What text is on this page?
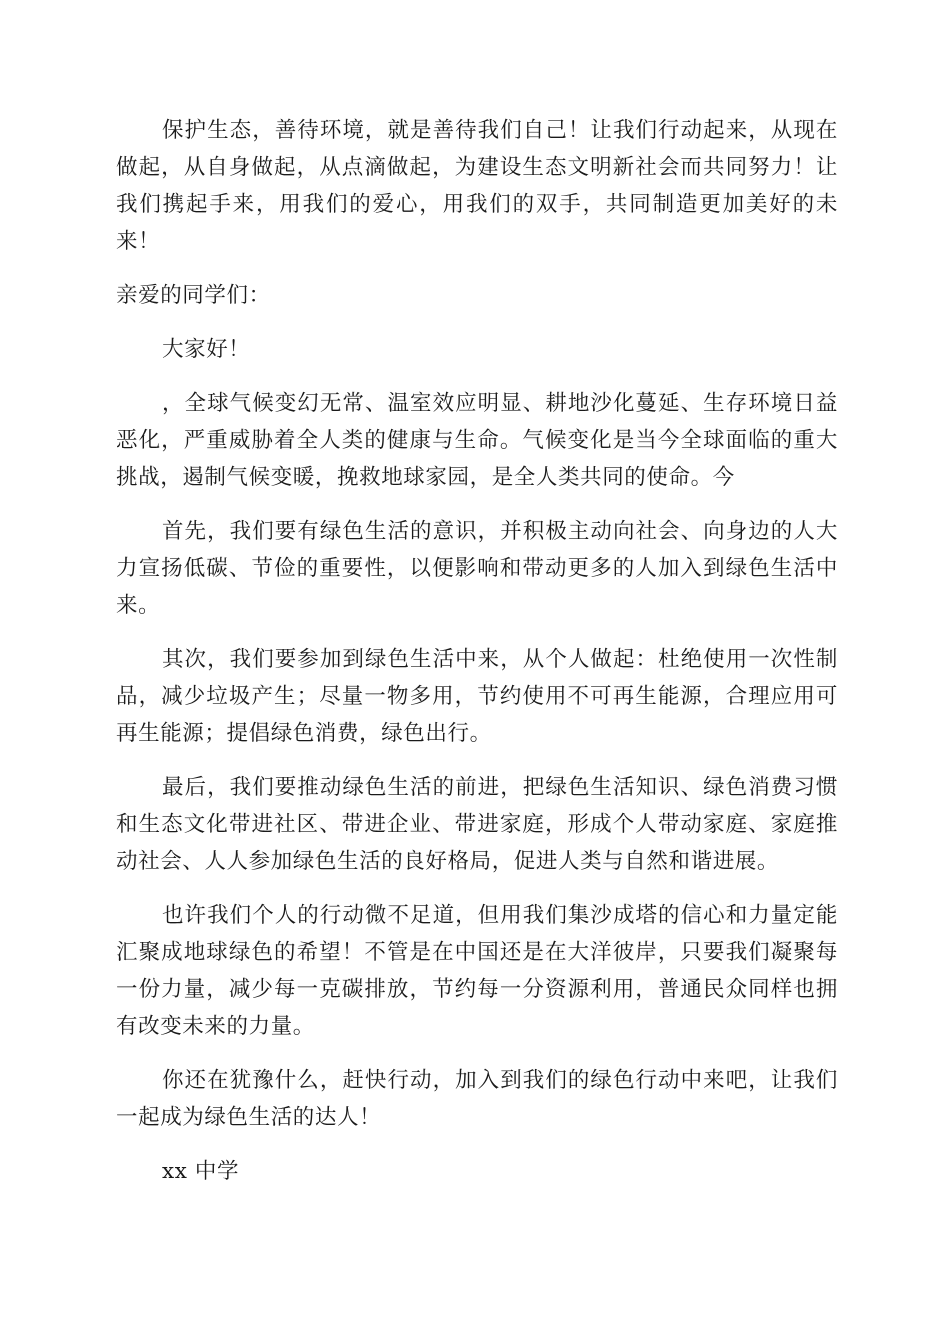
保护生态，善待环境，就是善待我们自己！让我们行动起来，从现在做起，从自身做起，从点滴做起，为建设生态文明新社会而共同努力！让我们携起手来，用我们的爱心，用我们的双手，共同制造更加美好的未来！

亲爱的同学们：

大家好！

，全球气候变幻无常、温室效应明显、耕地沙化蔓延、生存环境日益恶化，严重威胁着全人类的健康与生命。气候变化是当今全球面临的重大挑战，遏制气候变暖，挽救地球家园，是全人类共同的使命。今

首先，我们要有绿色生活的意识，并积极主动向社会、向身边的人大力宣扬低碳、节俭的重要性，以便影响和带动更多的人加入到绿色生活中来。

其次，我们要参加到绿色生活中来，从个人做起：杜绝使用一次性制品，减少垃圾产生；尽量一物多用，节约使用不可再生能源，合理应用可再生能源；提倡绿色消费，绿色出行。

最后，我们要推动绿色生活的前进，把绿色生活知识、绿色消费习惯和生态文化带进社区、带进企业、带进家庭，形成个人带动家庭、家庭推动社会、人人参加绿色生活的良好格局，促进人类与自然和谐进展。

也许我们个人的行动微不足道，但用我们集沙成塔的信心和力量定能汇聚成地球绿色的希望！不管是在中国还是在大洋彼岸，只要我们凝聚每一份力量，减少每一克碳排放，节约每一分资源利用，普通民众同样也拥有改变未来的力量。

你还在犹豫什么，赶快行动，加入到我们的绿色行动中来吧，让我们一起成为绿色生活的达人！

xx 中学
